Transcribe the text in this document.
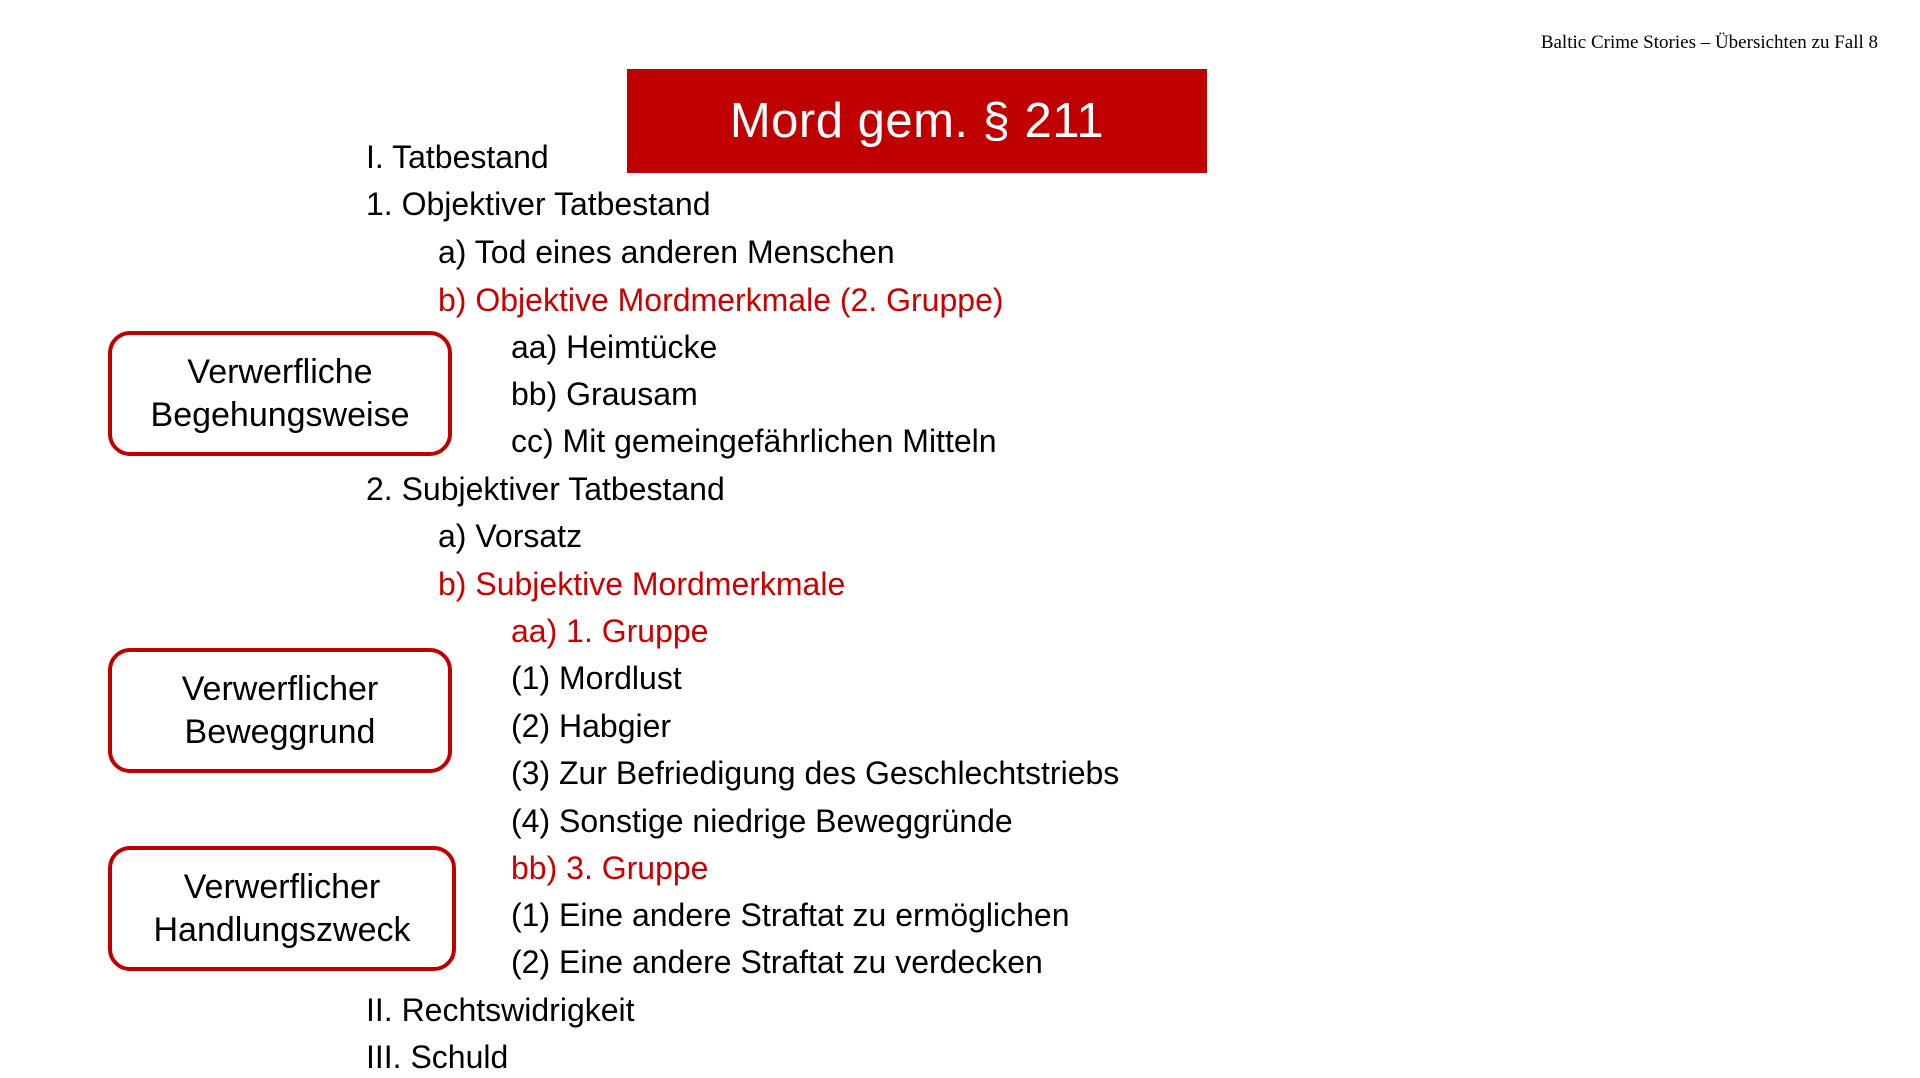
Baltic Crime Stories – Übersichten zu Fall 8
Mord gem. § 211
I. Tatbestand
1. Objektiver Tatbestand
a) Tod eines anderen Menschen
b) Objektive Mordmerkmale (2. Gruppe)
aa) Heimtücke
bb) Grausam
cc) Mit gemeingefährlichen Mitteln
2. Subjektiver Tatbestand
a) Vorsatz
b) Subjektive Mordmerkmale
aa) 1. Gruppe
(1) Mordlust
(2) Habgier
(3) Zur Befriedigung des Geschlechtstriebs
(4) Sonstige niedrige Beweggründe
bb) 3. Gruppe
(1) Eine andere Straftat zu ermöglichen
(2) Eine andere Straftat zu verdecken
II. Rechtswidrigkeit
III. Schuld
Verwerfliche
Begehungsweise
Verwerflicher
Beweggrund
Verwerflicher
Handlungszweck
